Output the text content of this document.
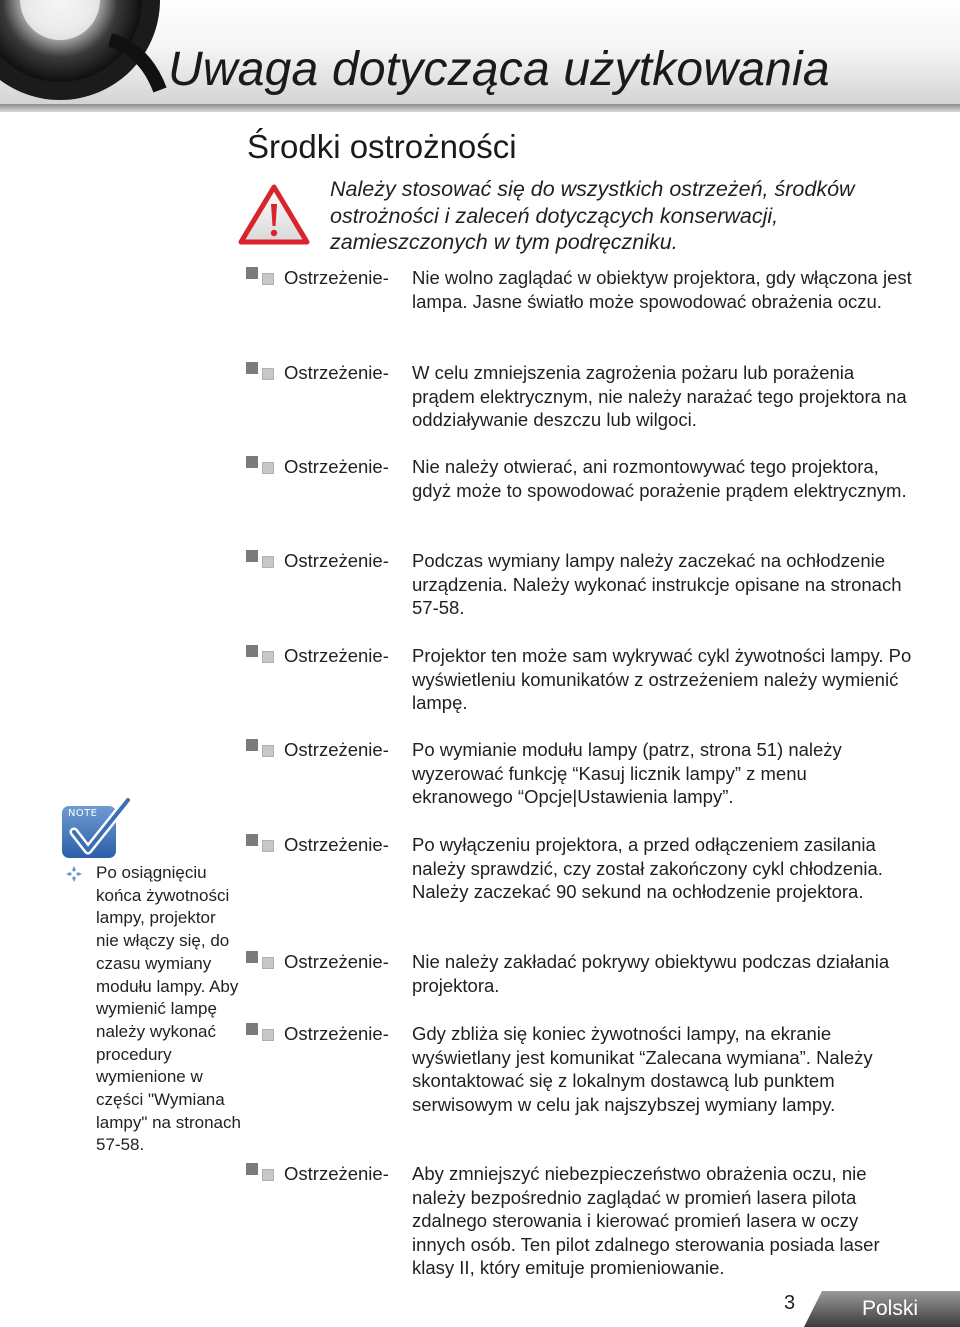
Uwaga dotycząca użytkowania
Środki ostrożności
Należy stosować się do wszystkich ostrzeżeń, środków ostrożności i zaleceń dotyczących konserwacji, zamieszczonych w tym podręczniku.
Ostrzeżenie- Nie wolno zaglądać w obiektyw projektora, gdy włączona jest lampa. Jasne światło może spowodować obrażenia oczu.
Ostrzeżenie- W celu zmniejszenia zagrożenia pożaru lub porażenia prądem elektrycznym, nie należy narażać tego projektora na oddziaływanie deszczu lub wilgoci.
Ostrzeżenie- Nie należy otwierać, ani rozmontowywać tego projektora, gdyż może to spowodować porażenie prądem elektrycznym.
Ostrzeżenie- Podczas wymiany lampy należy zaczekać na ochłodzenie urządzenia. Należy wykonać instrukcje opisane na stronach 57-58.
Ostrzeżenie- Projektor ten może sam wykrywać cykl żywotności lampy. Po wyświetleniu komunikatów z ostrzeżeniem należy wymienić lampę.
Ostrzeżenie- Po wymianie modułu lampy (patrz, strona 51) należy wyzerować funkcję “Kasuj licznik lampy” z menu ekranowego “Opcje|Ustawienia lampy”.
Ostrzeżenie- Po wyłączeniu projektora, a przed odłączeniem zasilania należy sprawdzić, czy został zakończony cykl chłodzenia. Należy zaczekać 90 sekund na ochłodzenie projektora.
Ostrzeżenie- Nie należy zakładać pokrywy obiektywu podczas działania projektora.
Ostrzeżenie- Gdy zbliża się koniec żywotności lampy, na ekranie wyświetlany jest komunikat “Zalecana wymiana”. Należy skontaktować się z lokalnym dostawcą lub punktem serwisowym w celu jak najszybszej wymiany lampy.
Ostrzeżenie- Aby zmniejszyć niebezpieczeństwo obrażenia oczu, nie należy bezpośrednio zaglądać w promień lasera pilota zdalnego sterowania i kierować promień lasera w oczy innych osób. Ten pilot zdalnego sterowania posiada laser klasy II, który emituje promieniowanie.
NOTE
Po osiągnięciu końca żywotności lampy, projektor nie włączy się, do czasu wymiany modułu lampy. Aby wymienić lampę należy wykonać procedury wymienione w części "Wymiana lampy" na stronach 57-58.
3	Polski
